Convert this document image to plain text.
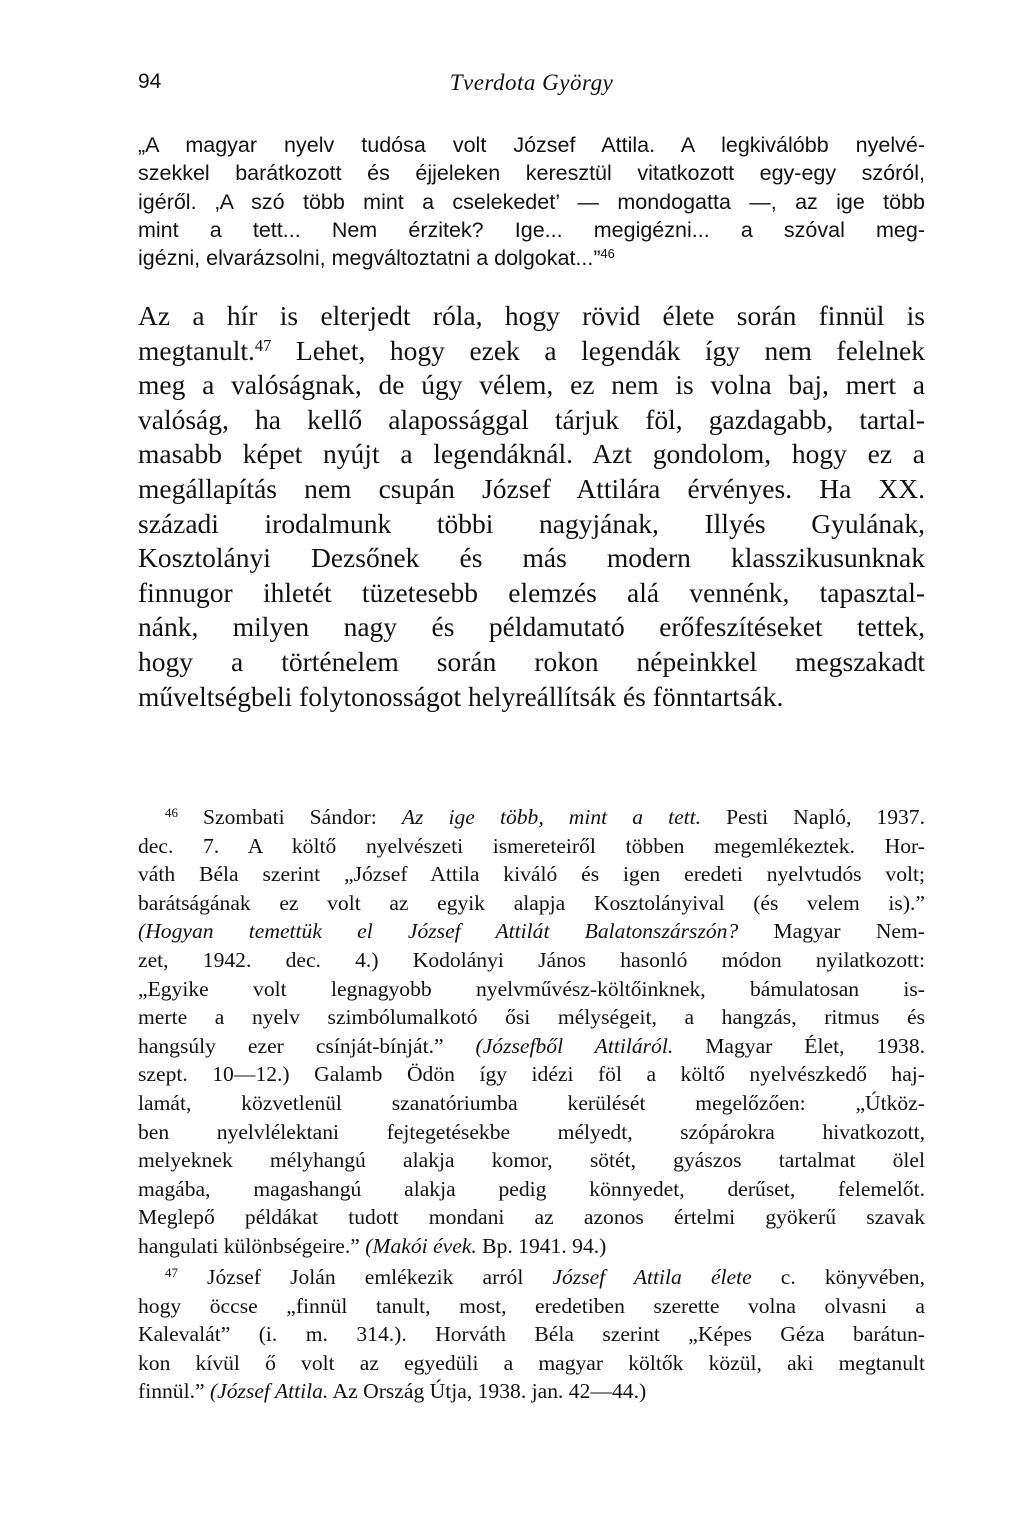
94	Tverdota György
„A magyar nyelv tudósa volt József Attila. A legkiválóbb nyelvé-
szekkel barátkozott és éjjeleken keresztül vitatkozott egy-egy szóról,
igéről. ‚A szó több mint a cselekedet’ — mondogatta —, az ige több
mint a tett... Nem érzitek? Ige... megigézni... a szóval meg-
igézni, elvarázsolni, megváltoztatni a dolgokat...”$^{46}$
Az a hír is elterjedt róla, hogy rövid élete során finnül is
megtanult.$^{47}$ Lehet, hogy ezek a legendák így nem felelnek
meg a valóságnak, de úgy vélem, ez nem is volna baj, mert a
valóság, ha kellő alapossággal tárjuk föl, gazdagabb, tartal-
masabb képet nyújt a legendáknál. Azt gondolom, hogy ez a
megállapítás nem csupán József Attilára érvényes. Ha XX.
századi irodalmunk többi nagyjának, Illyés Gyulának,
Kosztolányi Dezsőnek és más modern klasszikusunknak
finnugor ihletét tüzetesebb elemzés alá vennénk, tapasztal-
nánk, milyen nagy és példamutató erőfeszítéseket tettek,
hogy a történelem során rokon népeinkkel megszakadt
műveltségbeli folytonosságot helyreállítsák és fönntartsák.
$^{46}$ Szombati Sándor: Az ige több, mint a tett. Pesti Napló, 1937.
dec. 7. A költő nyelvészeti ismereteiről többen megemlékeztek. Hor-
váth Béla szerint „József Attila kiváló és igen eredeti nyelvtudós volt;
barátságának ez volt az egyik alapja Kosztolányival (és velem is).”
(Hogyan temettük el József Attilát Balatonszárszón? Magyar Nem-
zet, 1942. dec. 4.) Kodolányi János hasonló módon nyilatkozott:
„Egyike volt legnagyobb nyelvművész-költőinknek, bámulatosan is-
merte a nyelv szimbólumalkotó ősi mélységeit, a hangzás, ritmus és
hangsúly ezer csínját-bínját.” (Józsefből Attiláról. Magyar Élet, 1938.
szept. 10—12.) Galamb Ödön így idézi föl a költő nyelvészkedő haj-
lamát, közvetlenül szanatóriumba kerülését megelőzően: „Útköz-
ben nyelvlélektani fejtegetésekbe mélyedt, szópárokra hivatkozott,
melyeknek mélyhangú alakja komor, sötét, gyászos tartalmat ölel
magába, magashangú alakja pedig könnyedet, derűset, felemelőt.
Meglepő példákat tudott mondani az azonos értelmi gyökerű szavak
hangulati különbségeire.” (Makói évek. Bp. 1941. 94.)
$^{47}$ József Jolán emlékezik arról József Attila élete c. könyvében,
hogy öccse „finnül tanult, most, eredetiben szerette volna olvasni a
Kalevalát” (i. m. 314.). Horváth Béla szerint „Képes Géza barátun-
kon kívül ő volt az egyedüli a magyar költők közül, aki megtanult
finnül.” (József Attila. Az Ország Útja, 1938. jan. 42—44.)
